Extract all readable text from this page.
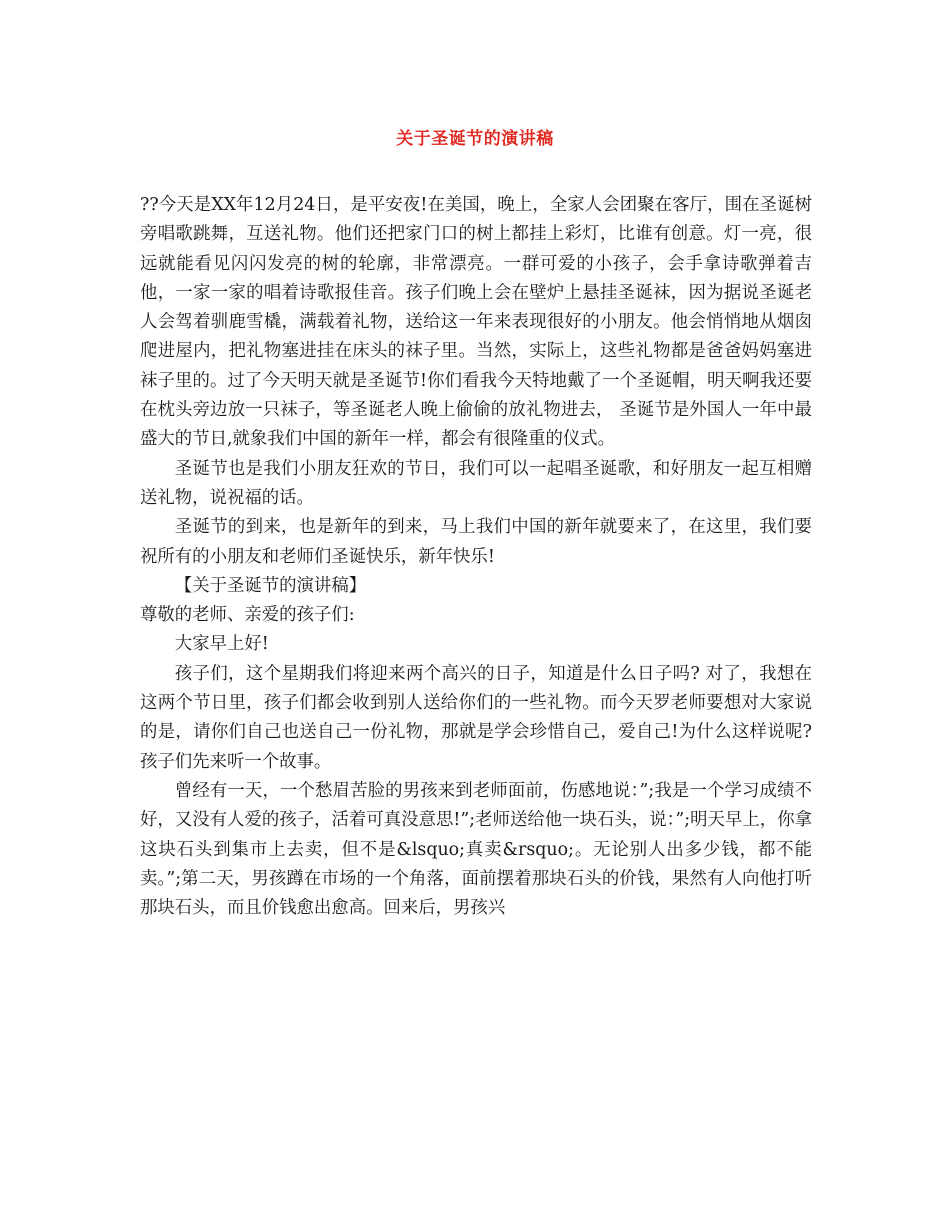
关于圣诞节的演讲稿

??今天是XX年12月24日，是平安夜!在美国，晚上，全家人会团聚在客厅，围在圣诞树旁唱歌跳舞，互送礼物。他们还把家门口的树上都挂上彩灯，比谁有创意。灯一亮，很远就能看见闪闪发亮的树的轮廓，非常漂亮。一群可爱的小孩子，会手拿诗歌弹着吉他，一家一家的唱着诗歌报佳音。孩子们晚上会在壁炉上悬挂圣诞袜，因为据说圣诞老人会驾着驯鹿雪橇，满载着礼物，送给这一年来表现很好的小朋友。他会悄悄地从烟囱爬进屋内，把礼物塞进挂在床头的袜子里。当然，实际上，这些礼物都是爸爸妈妈塞进袜子里的。过了今天明天就是圣诞节!你们看我今天特地戴了一个圣诞帽，明天啊我还要在枕头旁边放一只袜子，等圣诞老人晚上偷偷的放礼物进去， 圣诞节是外国人一年中最盛大的节日,就象我们中国的新年一样，都会有很隆重的仪式。

圣诞节也是我们小朋友狂欢的节日，我们可以一起唱圣诞歌，和好朋友一起互相赠送礼物，说祝福的话。

圣诞节的到来，也是新年的到来，马上我们中国的新年就要来了，在这里，我们要祝所有的小朋友和老师们圣诞快乐，新年快乐!

【关于圣诞节的演讲稿】

尊敬的老师、亲爱的孩子们:

大家早上好!

孩子们，这个星期我们将迎来两个高兴的日子，知道是什么日子吗? 对了，我想在这两个节日里，孩子们都会收到别人送给你们的一些礼物。而今天罗老师要想对大家说的是，请你们自己也送自己一份礼物，那就是学会珍惜自己，爱自己!为什么这样说呢?孩子们先来听一个故事。

曾经有一天，一个愁眉苦脸的男孩来到老师面前，伤感地说：”;我是一个学习成绩不好，又没有人爱的孩子，活着可真没意思!”;老师送给他一块石头，说：”;明天早上，你拿这块石头到集市上去卖，但不是&lsquo;真卖&rsquo;。无论别人出多少钱，都不能卖。”;第二天，男孩蹲在市场的一个角落，面前摆着那块石头的价钱，果然有人向他打听那块石头，而且价钱愈出愈高。回来后，男孩兴
